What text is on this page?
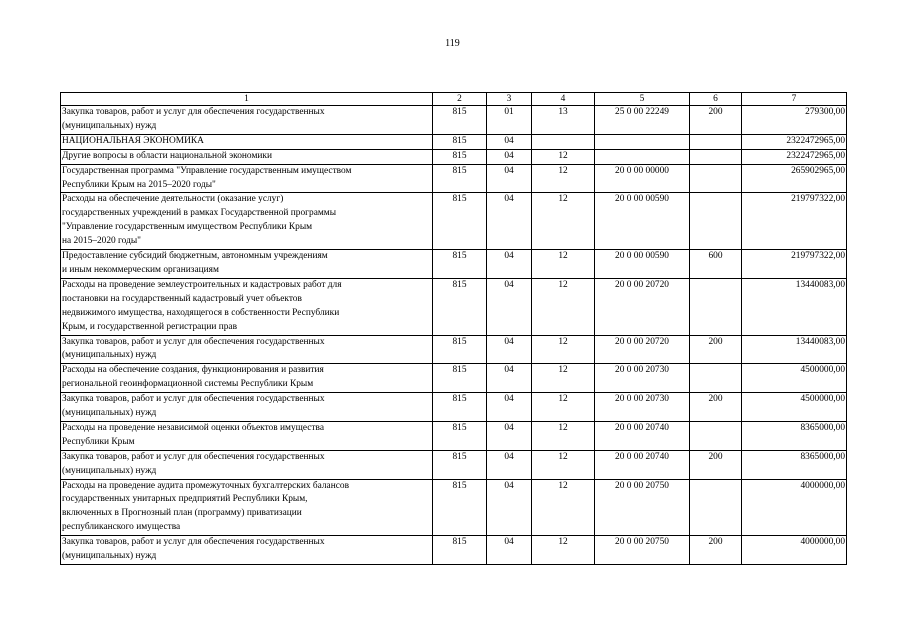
119
1	2	3	4	5	6	7
Закупка товаров, работ и услуг для обеспечения государственных
(муниципальных) нужд	815	01	13	25 0 00 22249	200	279300,00
НАЦИОНАЛЬНАЯ ЭКОНОМИКА	815	04				2322472965,00
Другие вопросы в области национальной экономики	815	04	12			2322472965,00
Государственная программа "Управление государственным имуществом
Республики Крым на 2015–2020 годы"	815	04	12	20 0 00 00000		265902965,00
Расходы на обеспечение деятельности (оказание услуг)
государственных учреждений в рамках Государственной программы
"Управление государственным имуществом Республики Крым
на 2015–2020 годы"	815	04	12	20 0 00 00590		219797322,00
Предоставление субсидий бюджетным, автономным учреждениям
и иным некоммерческим организациям	815	04	12	20 0 00 00590	600	219797322,00
Расходы на проведение землеустроительных и кадастровых работ для
постановки на государственный кадастровый учет объектов
недвижимого имущества, находящегося в собственности Республики
Крым, и государственной регистрации прав	815	04	12	20 0 00 20720		13440083,00
Закупка товаров, работ и услуг для обеспечения государственных
(муниципальных) нужд	815	04	12	20 0 00 20720	200	13440083,00
Расходы на обеспечение создания, функционирования и развития
региональной геоинформационной системы Республики Крым	815	04	12	20 0 00 20730		4500000,00
Закупка товаров, работ и услуг для обеспечения государственных
(муниципальных) нужд	815	04	12	20 0 00 20730	200	4500000,00
Расходы на проведение независимой оценки объектов имущества
Республики Крым	815	04	12	20 0 00 20740		8365000,00
Закупка товаров, работ и услуг для обеспечения государственных
(муниципальных) нужд	815	04	12	20 0 00 20740	200	8365000,00
Расходы на проведение аудита промежуточных бухгалтерских балансов
государственных унитарных предприятий Республики Крым,
включенных в Прогнозный план (программу) приватизации
республиканского имущества	815	04	12	20 0 00 20750		4000000,00
Закупка товаров, работ и услуг для обеспечения государственных
(муниципальных) нужд	815	04	12	20 0 00 20750	200	4000000,00
